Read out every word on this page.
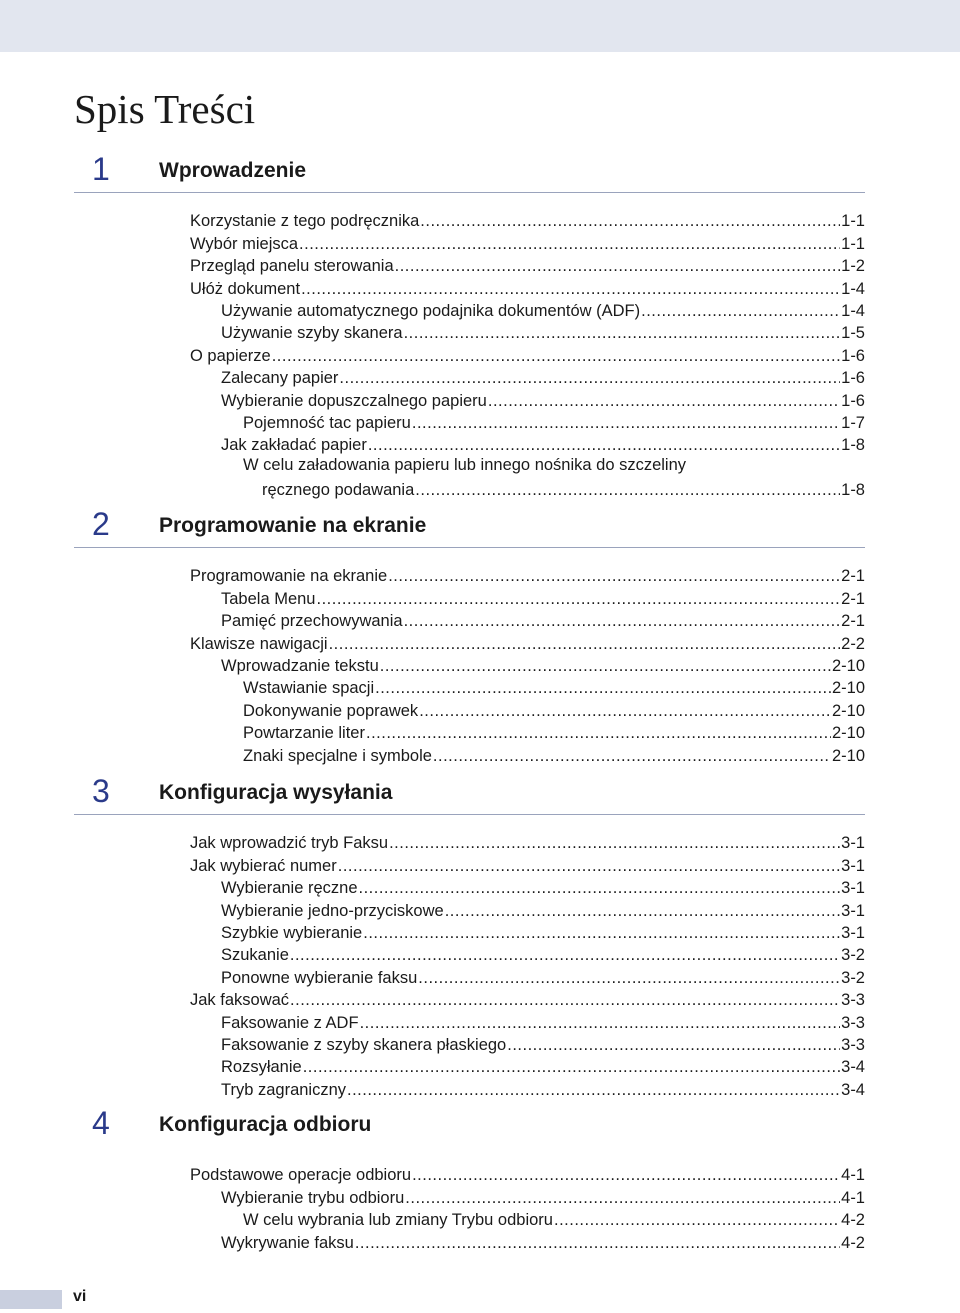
Spis Treści
1 Wprowadzenie
Korzystanie z tego podręcznika .....	1-1
Wybór miejsca .....	1-1
Przegląd panelu sterowania .....	1-2
Ułóż dokument .....	1-4
Używanie automatycznego podajnika dokumentów (ADF) .....	1-4
Używanie szyby skanera .....	1-5
O papierze .....	1-6
Zalecany papier .....	1-6
Wybieranie dopuszczalnego papieru .....	1-6
Pojemność tac papieru .....	1-7
Jak zakładać papier .....	1-8
W celu załadowania papieru lub innego nośnika do szczeliny
ręcznego podawania .....	1-8
2 Programowanie na ekranie
Programowanie na ekranie .....	2-1
Tabela Menu .....	2-1
Pamięć przechowywania .....	2-1
Klawisze nawigacji .....	2-2
Wprowadzanie tekstu .....	2-10
Wstawianie spacji .....	2-10
Dokonywanie poprawek .....	2-10
Powtarzanie liter .....	2-10
Znaki specjalne i symbole .....	2-10
3 Konfiguracja wysyłania
Jak wprowadzić tryb Faksu .....	3-1
Jak wybierać numer .....	3-1
Wybieranie ręczne .....	3-1
Wybieranie jedno-przyciskowe .....	3-1
Szybkie wybieranie .....	3-1
Szukanie .....	3-2
Ponowne wybieranie faksu .....	3-2
Jak faksować .....	3-3
Faksowanie z ADF .....	3-3
Faksowanie z szyby skanera płaskiego .....	3-3
Rozsyłanie .....	3-4
Tryb zagraniczny .....	3-4
4 Konfiguracja odbioru
Podstawowe operacje odbioru .....	4-1
Wybieranie trybu odbioru .....	4-1
W celu wybrania lub zmiany Trybu odbioru .....	4-2
Wykrywanie faksu .....	4-2
vi
